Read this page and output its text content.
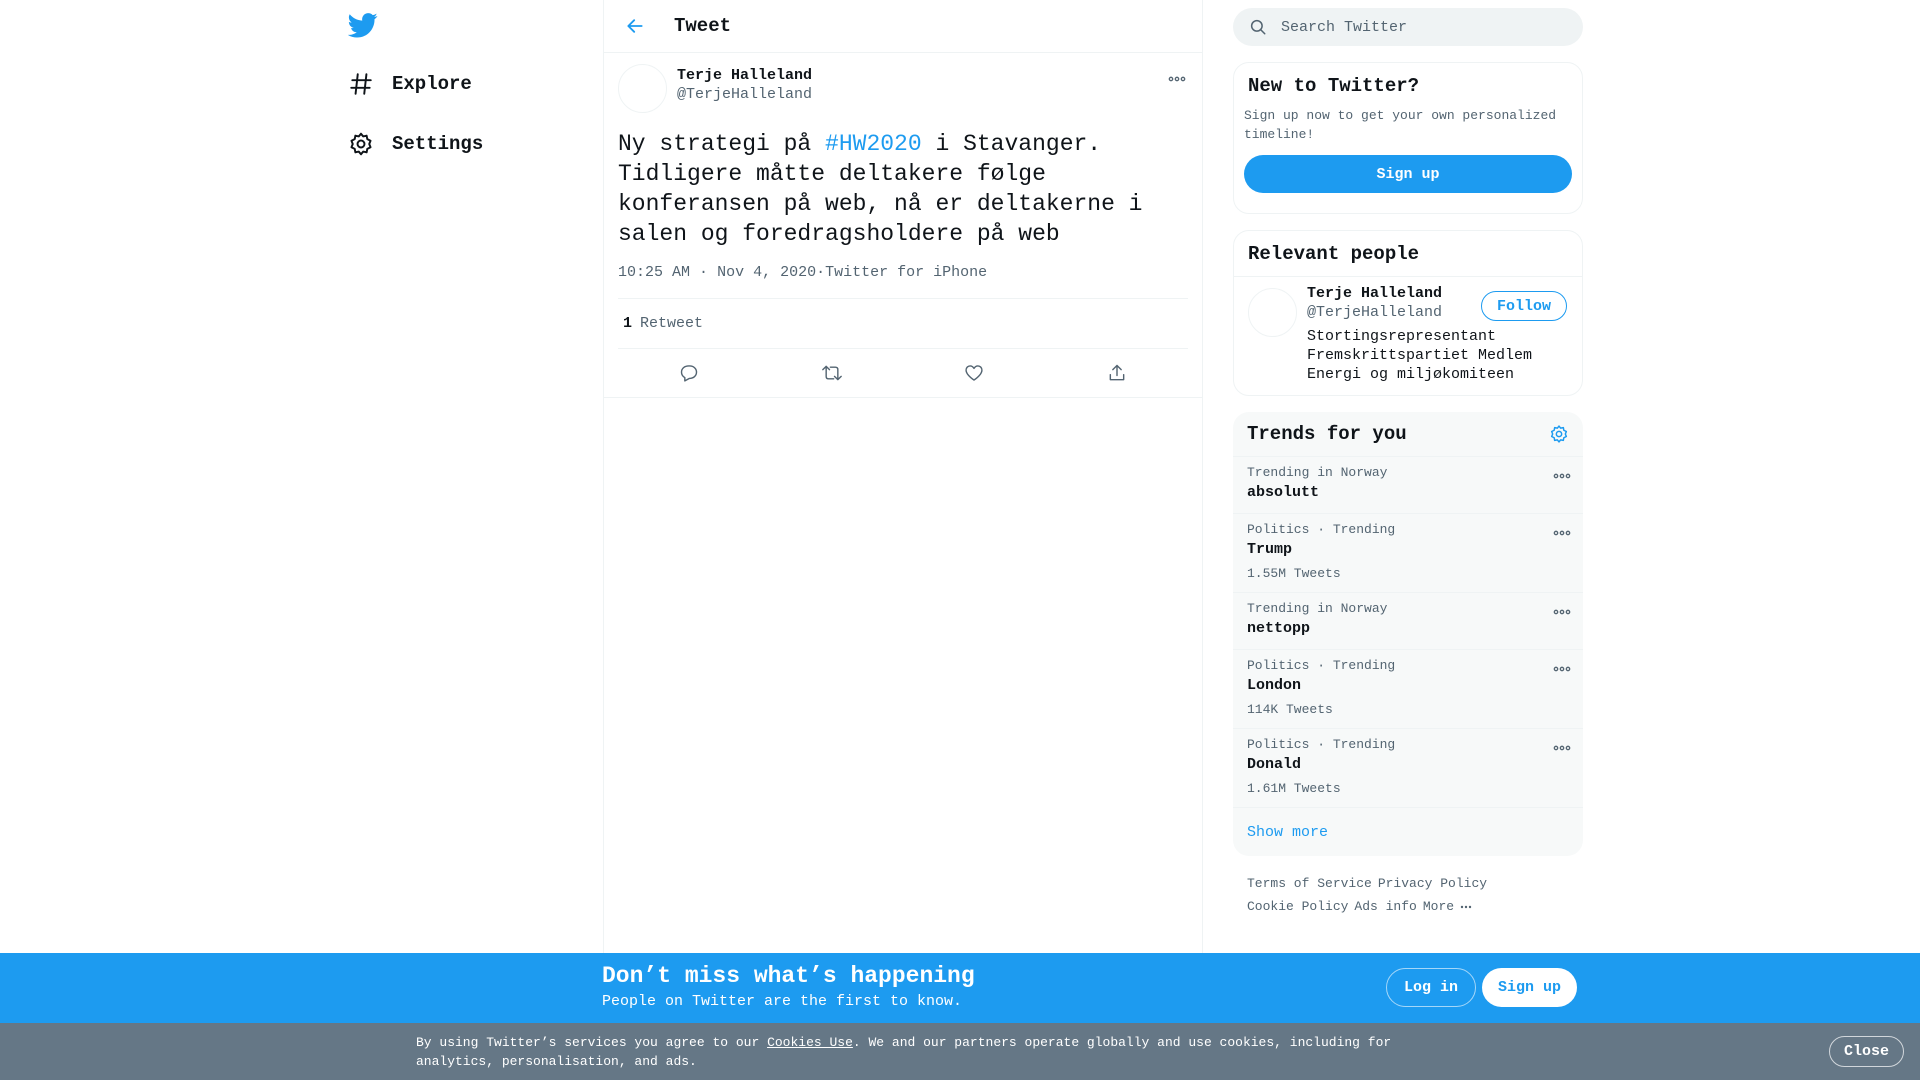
Explore
Settings
Tweet
Terje Halleland
@TerjeHalleland
Ny strategi på #HW2020 i Stavanger. Tidligere måtte deltakere følge konferansen på web, nå er deltakerne i salen og foredragsholdere på web
10:25 AM · Nov 4, 2020·Twitter for iPhone
1 Retweet
Search Twitter
New to Twitter?
Sign up now to get your own personalized timeline!
Sign up
Relevant people
Terje Halleland
@TerjeHalleland
Stortingsrepresentant Fremskrittspartiet Medlem Energi og miljøkomiteen
Follow
Trends for you
Trending in Norway
absolutt
Politics · Trending
Trump
1.55M Tweets
Trending in Norway
nettopp
Politics · Trending
London
114K Tweets
Politics · Trending
Donald
1.61M Tweets
Show more
Terms of Service Privacy Policy
Cookie Policy Ads info More
Don’t miss what’s happening
People on Twitter are the first to know.
Log in	Sign up
By using Twitter’s services you agree to our Cookies Use. We and our partners operate globally and use cookies, including for analytics, personalisation, and ads.
Close
